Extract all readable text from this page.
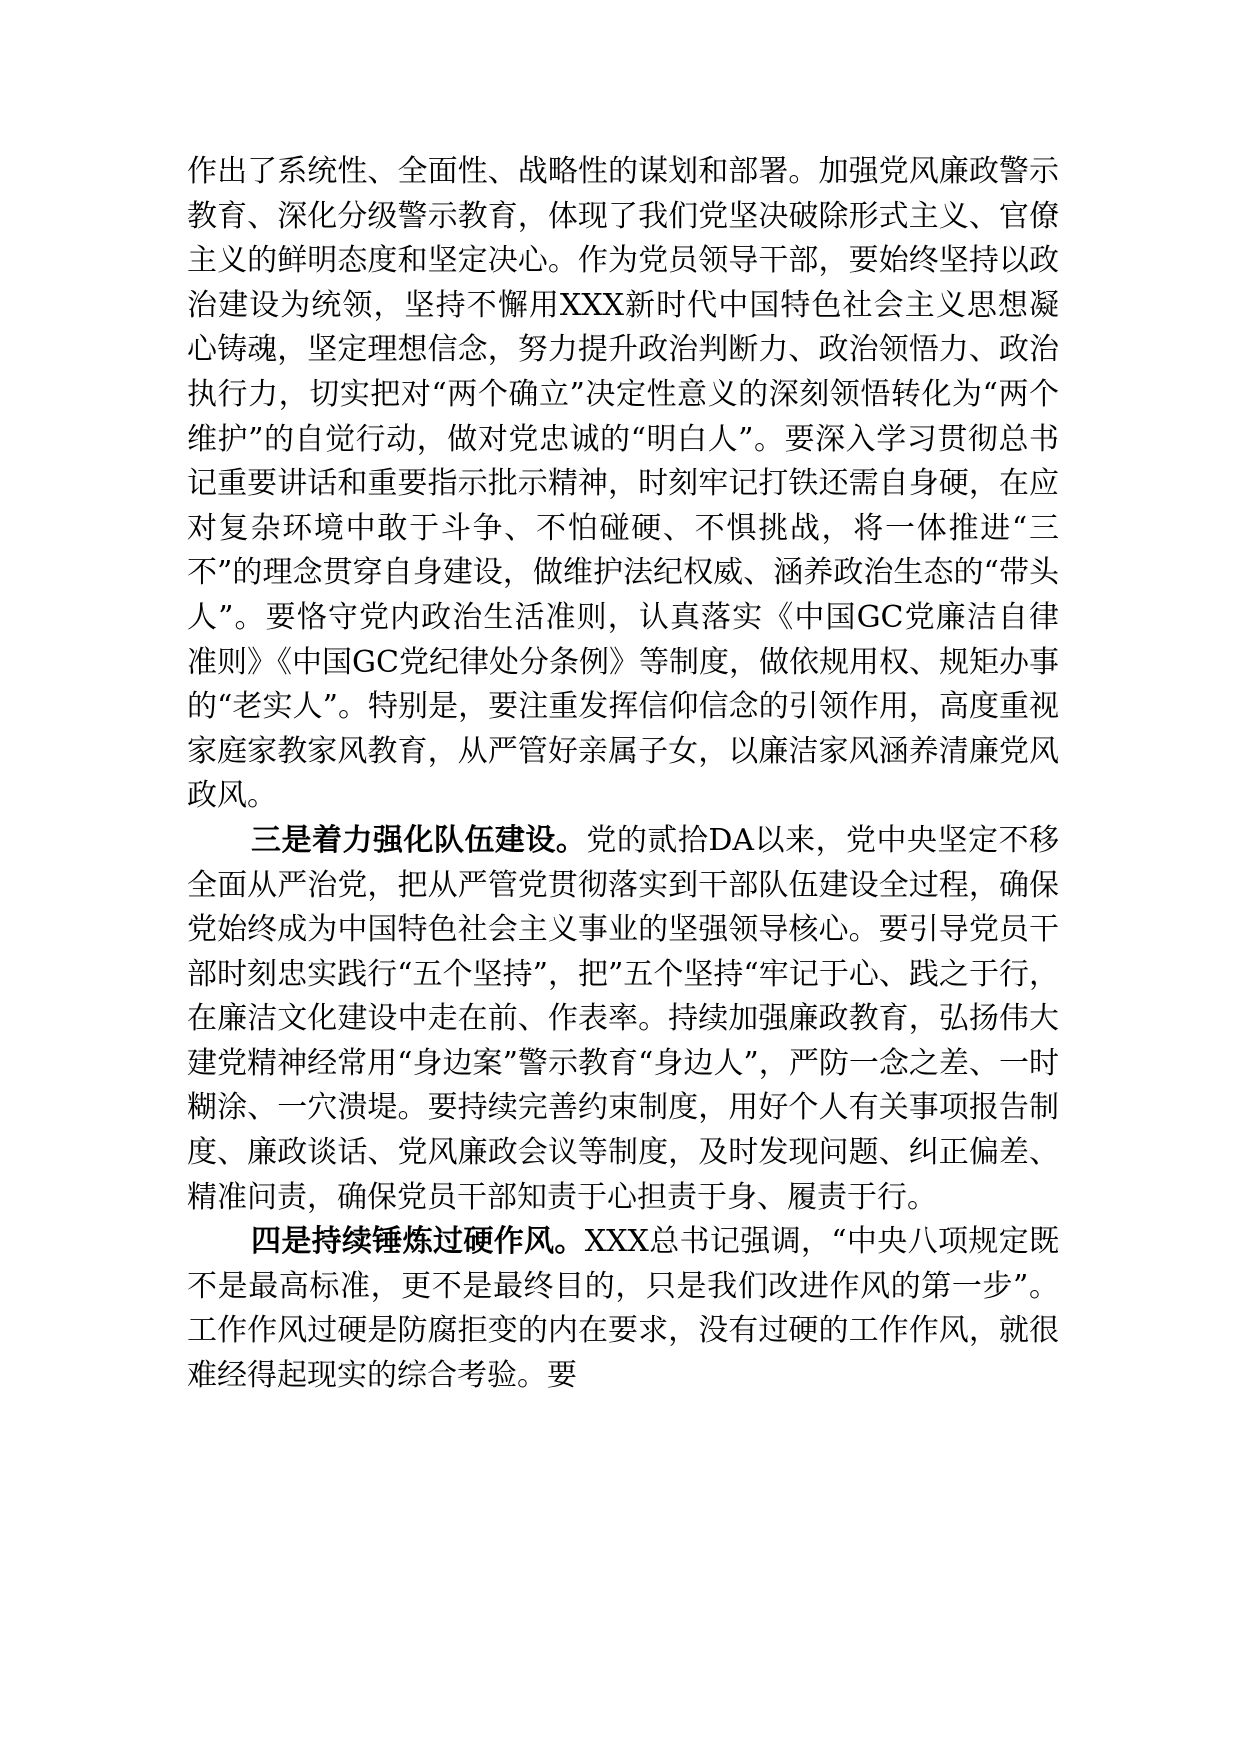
作出了系统性、全面性、战略性的谋划和部署。加强党风廉政警示教育、深化分级警示教育，体现了我们党坚决破除形式主义、官僚主义的鲜明态度和坚定决心。作为党员领导干部，要始终坚持以政治建设为统领，坚持不懈用XXX新时代中国特色社会主义思想凝心铸魂，坚定理想信念，努力提升政治判断力、政治领悟力、政治执行力，切实把对“两个确立”决定性意义的深刻领悟转化为“两个维护”的自觉行动，做对党忠诚的“明白人”。要深入学习贯彻总书记重要讲话和重要指示批示精神，时刻牢记打铁还需自身硬，在应对复杂环境中敢于斗争、不怕碰硬、不惧挑战，将一体推进“三不”的理念贯穿自身建设，做维护法纪权威、涵养政治生态的“带头人”。要恪守党内政治生活准则，认真落实《中国GC党廉洁自律准则》《中国GC党纪律处分条例》等制度，做依规用权、规矩办事的“老实人”。特别是，要注重发挥信仰信念的引领作用，高度重视家庭家教家风教育，从严管好亲属子女，以廉洁家风涵养清廉党风政风。

三是着力强化队伍建设。党的贰拾DA以来，党中央坚定不移全面从严治党，把从严管党贯彻落实到干部队伍建设全过程，确保党始终成为中国特色社会主义事业的坚强领导核心。要引导党员干部时刻忠实践行“五个坚持”，把”五个坚持“牢记于心、践之于行，在廉洁文化建设中走在前、作表率。持续加强廉政教育，弘扬伟大建党精神经常用“身边案”警示教育“身边人”，严防一念之差、一时糊涂、一穴溃堤。要持续完善约束制度，用好个人有关事项报告制度、廉政谈话、党风廉政会议等制度，及时发现问题、纠正偏差、精准问责，确保党员干部知责于心担责于身、履责于行。

四是持续锤炼过硬作风。XXX总书记强调，“中央八项规定既不是最高标准，更不是最终目的，只是我们改进作风的第一步”。工作作风过硬是防腐拒变的内在要求，没有过硬的工作作风，就很难经得起现实的综合考验。要
